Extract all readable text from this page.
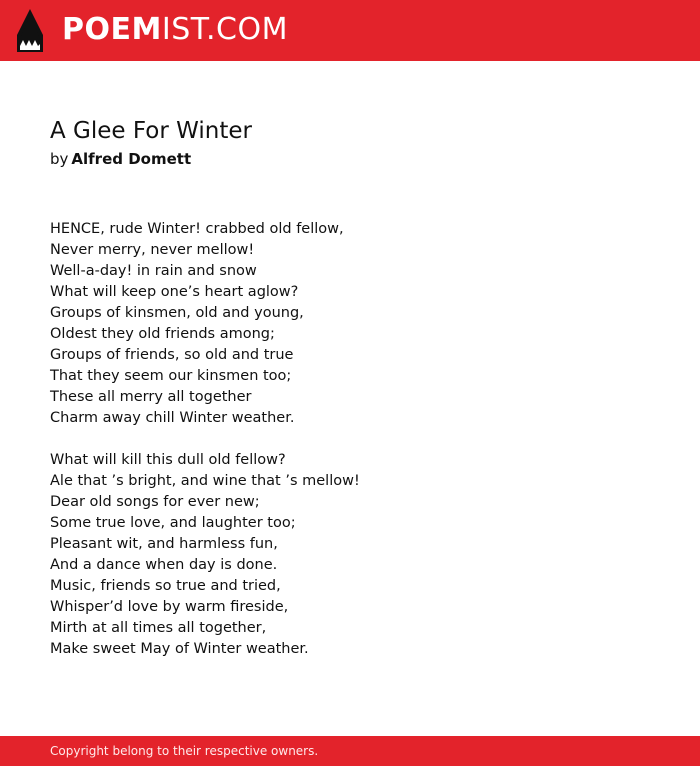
POEMIST.COM
A Glee For Winter
by Alfred Domett
HENCE, rude Winter! crabbed old fellow,
Never merry, never mellow!
Well-a-day! in rain and snow
What will keep one’s heart aglow?
Groups of kinsmen, old and young,
Oldest they old friends among;
Groups of friends, so old and true
That they seem our kinsmen too;
These all merry all together
Charm away chill Winter weather.
What will kill this dull old fellow?
Ale that ’s bright, and wine that ’s mellow!
Dear old songs for ever new;
Some true love, and laughter too;
Pleasant wit, and harmless fun,
And a dance when day is done.
Music, friends so true and tried,
Whisper’d love by warm fireside,
Mirth at all times all together,
Make sweet May of Winter weather.
Copyright belong to their respective owners.
